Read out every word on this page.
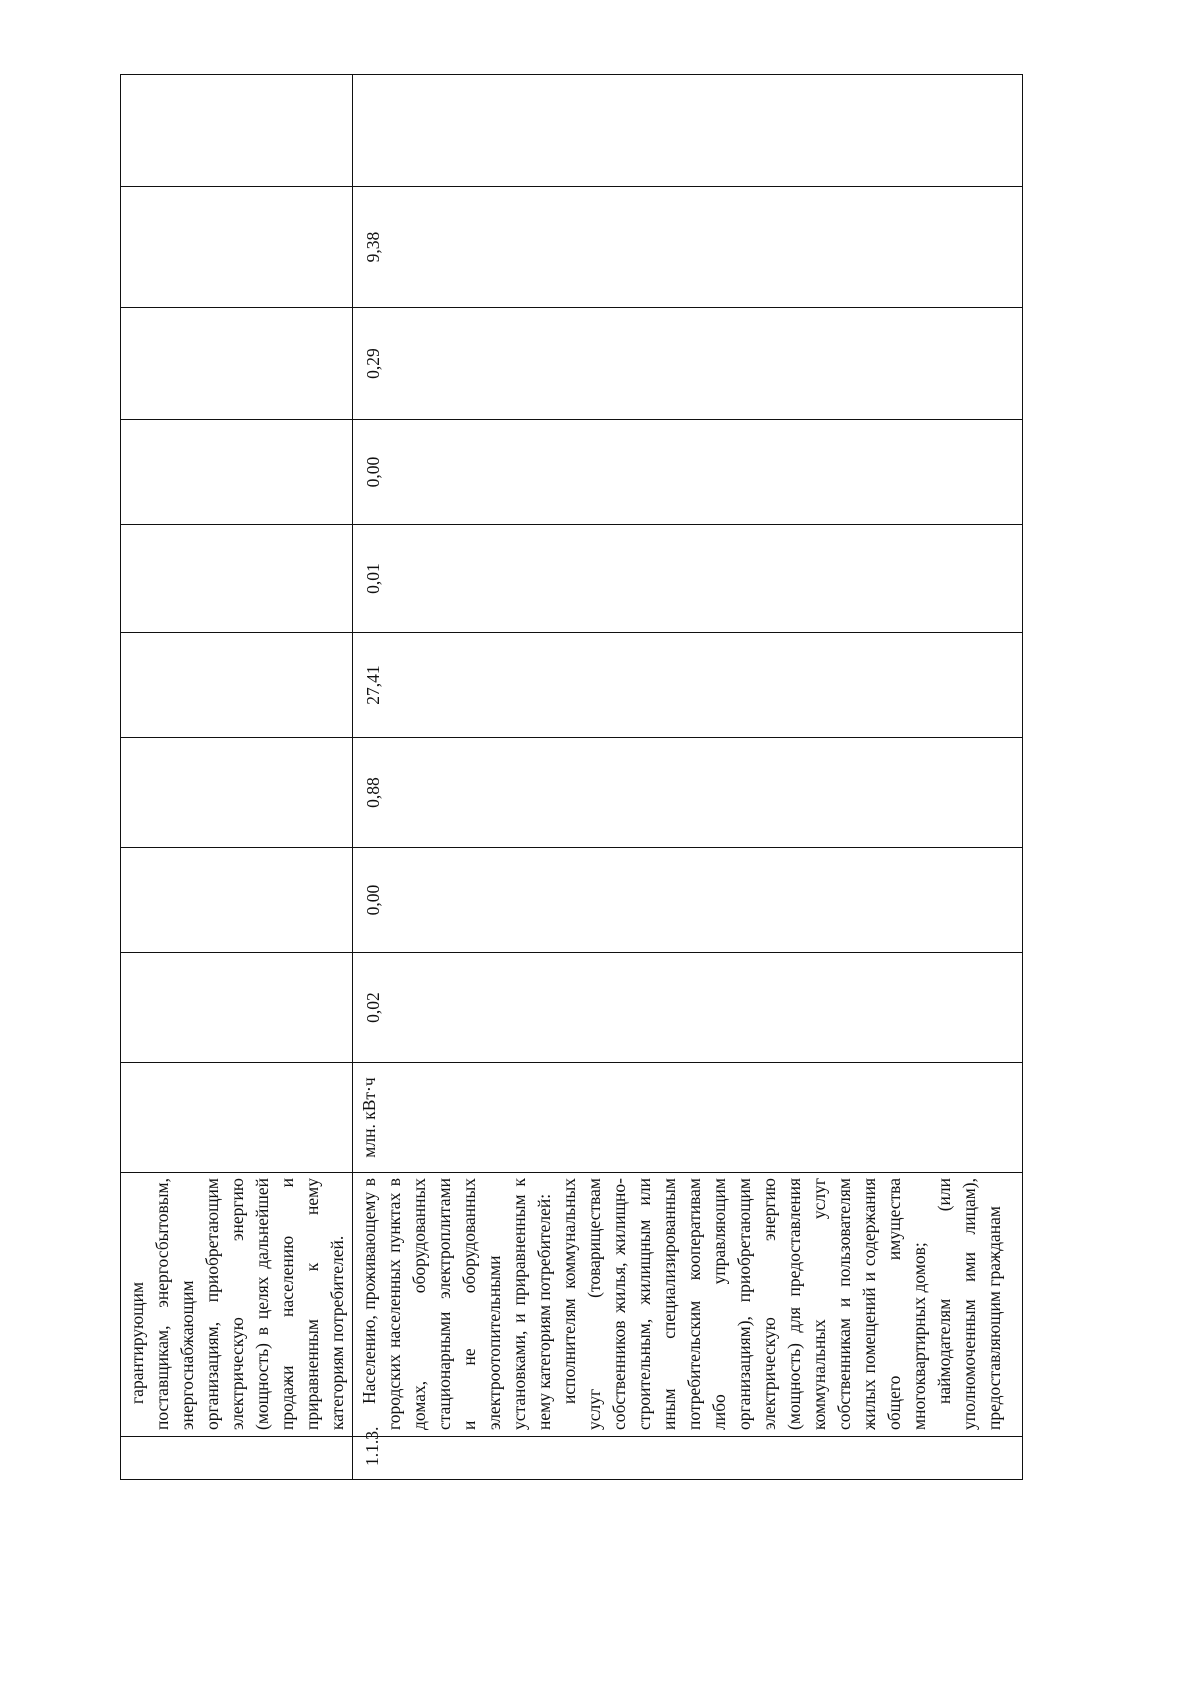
	гарантирующим поставщикам, энергосбытовым, энергоснабжающим организациям, приобретающим электрическую энергию (мощность) в целях дальнейшей продажи населению и приравненным к нему категориям потребителей.											

1.1.3.	Населению, проживающему в городских населенных пунктах в домах, оборудованных стационарными электроплитами и не оборудованных электроотопительными установками, и приравненным к нему категориям потребителей: исполнителям коммунальных услуг (товариществам собственников жилья, жилищно-строительным, жилищным или иным специализированным потребительским кооперативам либо управляющим организациям), приобретающим электрическую энергию (мощность) для предоставления коммунальных услуг собственникам и пользователям жилых помещений и содержания общего имущества многоквартирных домов; наймодателям (или уполномоченным ими лицам), предоставляющим гражданам	млн. кВт·ч	0,02	0,00	0,88	27,41	0,01	0,00	0,29	9,38		
